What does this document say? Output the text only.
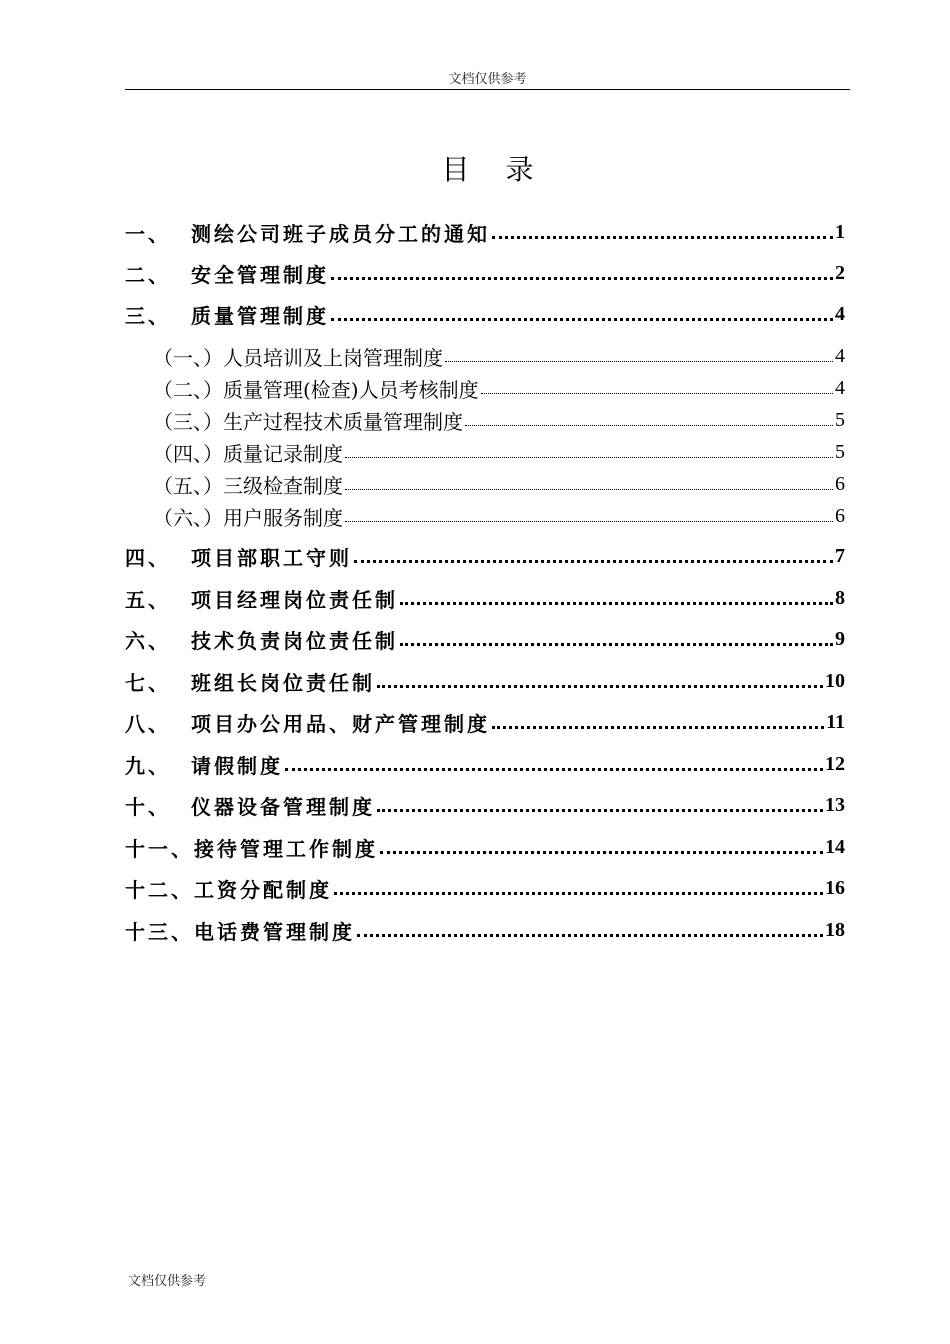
文档仅供参考
目录
一、	测绘公司班子成员分工的通知	1
二、	安全管理制度	2
三、	质量管理制度	4
（一、） 人员培训及上岗管理制度	4
（二、） 质量管理(检查)人员考核制度	4
（三、） 生产过程技术质量管理制度	5
（四、） 质量记录制度	5
（五、） 三级检查制度	6
（六、） 用户服务制度	6
四、	项目部职工守则	7
五、	项目经理岗位责任制	8
六、	技术负责岗位责任制	9
七、	班组长岗位责任制	10
八、	项目办公用品、财产管理制度	11
九、	请假制度	12
十、	仪器设备管理制度	13
十一、 接待管理工作制度	14
十二、 工资分配制度	16
十三、 电话费管理制度	18
文档仅供参考
